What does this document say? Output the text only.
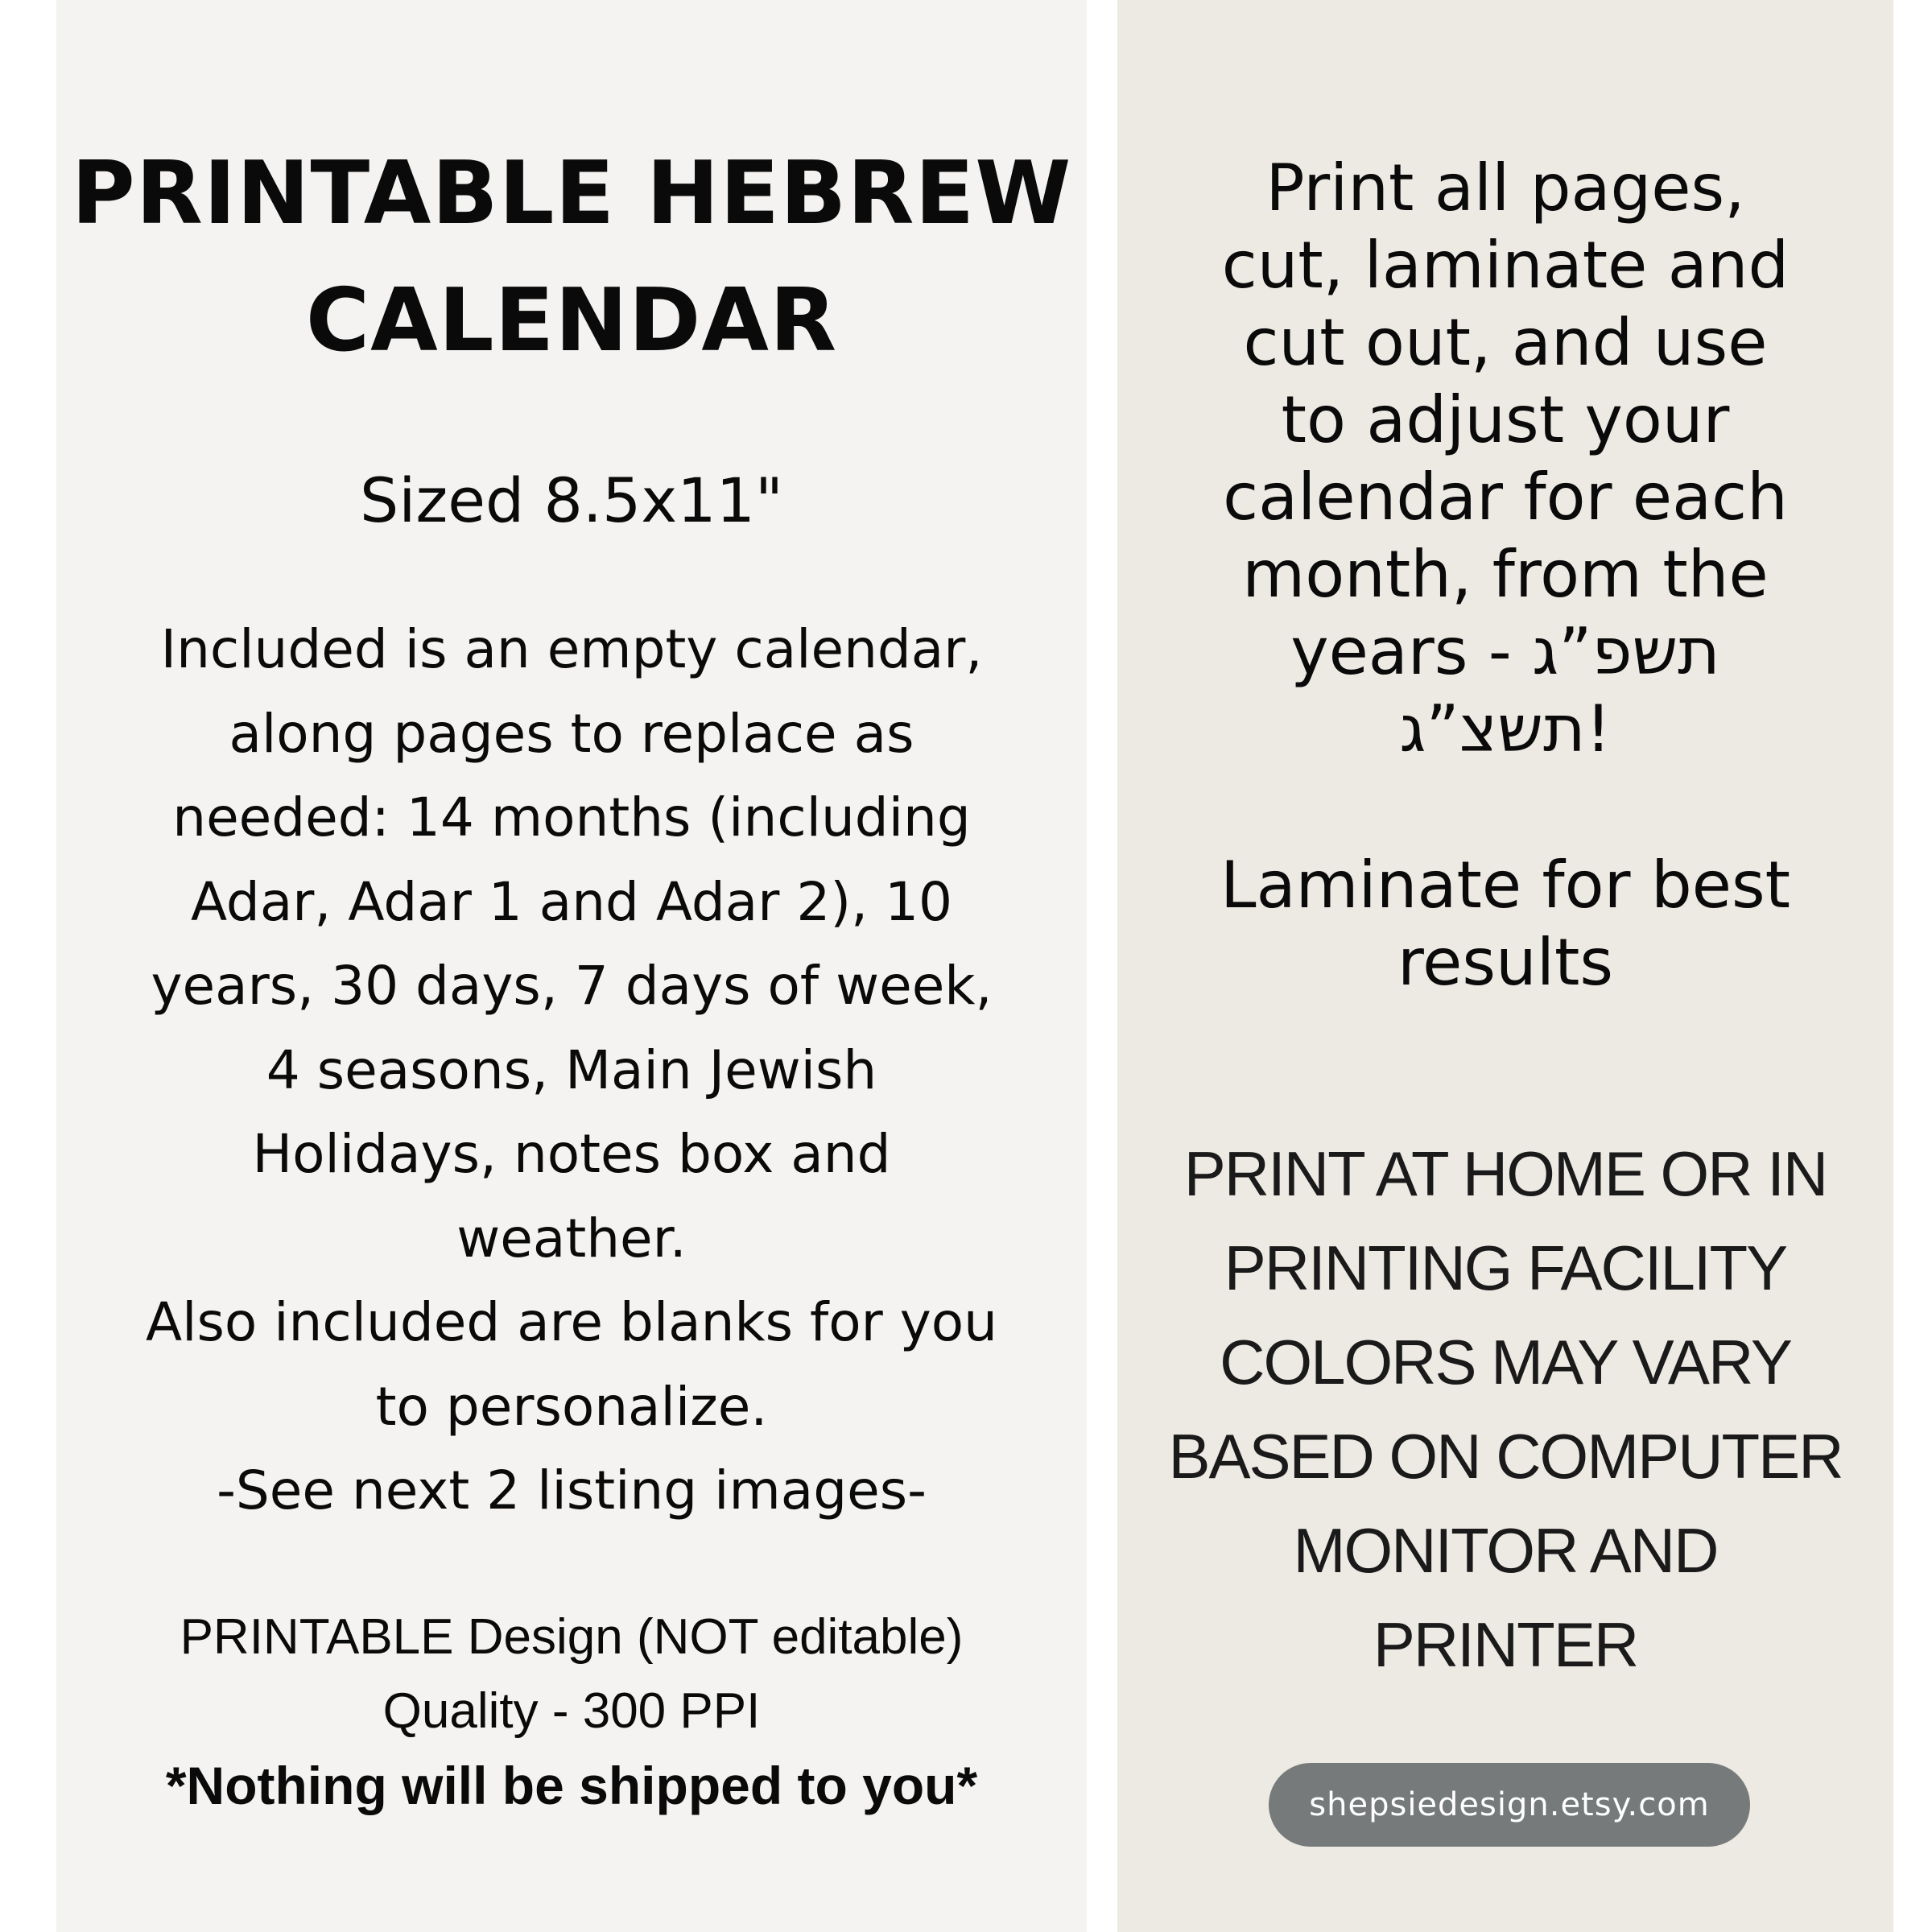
PRINTABLE HEBREW
CALENDAR

Sized 8.5x11"

Included is an empty calendar,
along pages to replace as
needed: 14 months (including
Adar, Adar 1 and Adar 2), 10
years, 30 days, 7 days of week,
4 seasons, Main Jewish
Holidays, notes box and
weather.
Also included are blanks for you
to personalize.
-See next 2 listing images-

PRINTABLE Design (NOT editable)
Quality - 300 PPI

*Nothing will be shipped to you*

Print all pages,
cut, laminate and
cut out, and use
to adjust your
calendar for each
month, from the
years - תשפ”ג
תשצ”ג!

Laminate for best
results

PRINT AT HOME OR IN
PRINTING FACILITY
COLORS MAY VARY
BASED ON COMPUTER
MONITOR AND
PRINTER

shepsiedesign.etsy.com
